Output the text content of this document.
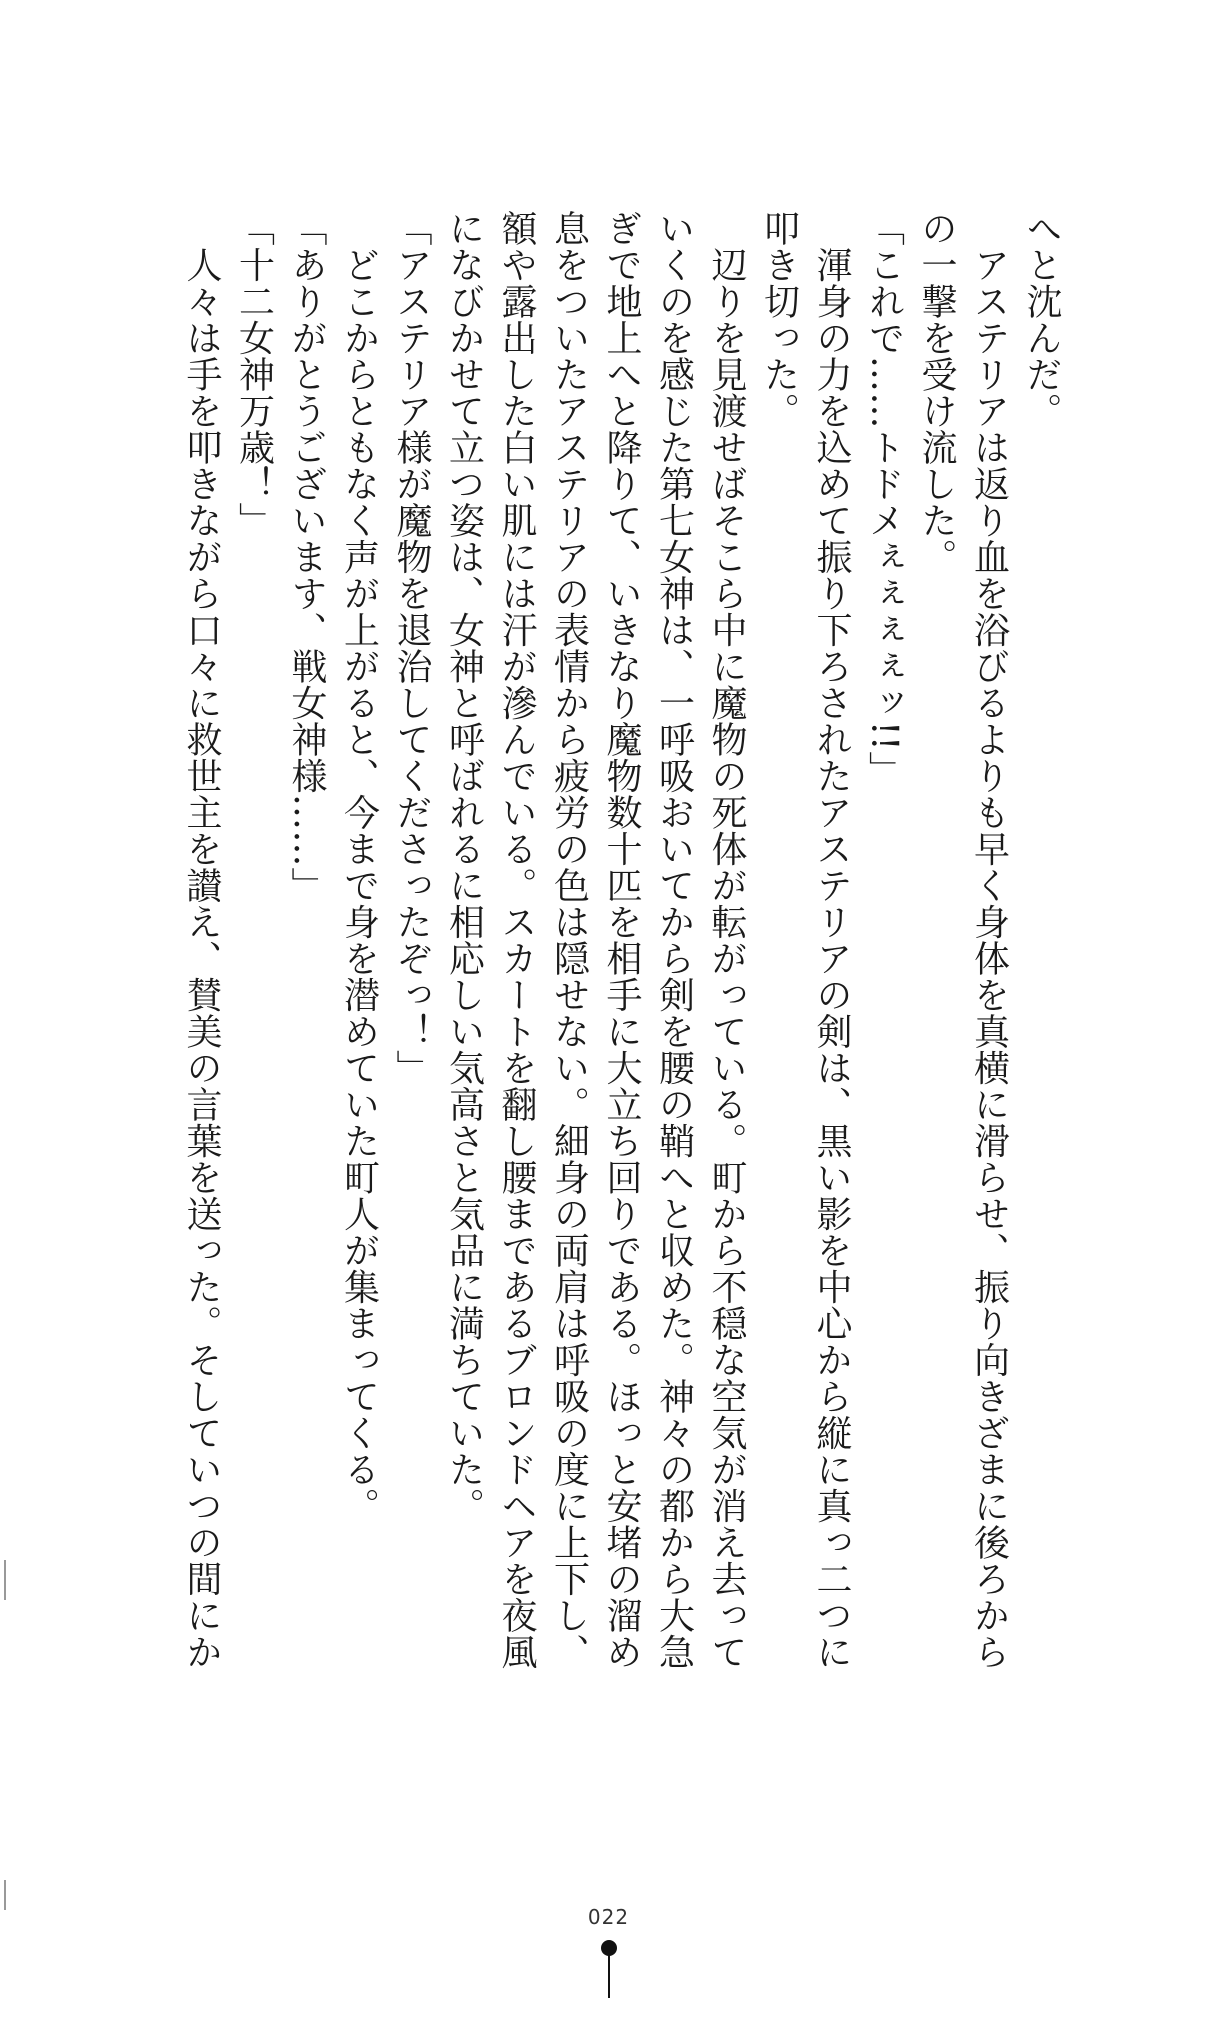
へと沈んだ。
　アステリアは返り血を浴びるよりも早く身体を真横に滑らせ、振り向きざまに後ろから
の一撃を受け流した。
「これで……トドメぇぇぇぇッ!!」
　渾身の力を込めて振り下ろされたアステリアの剣は、黒い影を中心から縦に真っ二つに
叩き切った。
　辺りを見渡せばそこら中に魔物の死体が転がっている。町から不穏な空気が消え去って
いくのを感じた第七女神は、一呼吸おいてから剣を腰の鞘へと収めた。神々の都から大急
ぎで地上へと降りて、いきなり魔物数十匹を相手に大立ち回りである。ほっと安堵の溜め
息をついたアステリアの表情から疲労の色は隠せない。細身の両肩は呼吸の度に上下し、
額や露出した白い肌には汗が滲んでいる。スカートを翻し腰まであるブロンドヘアを夜風
になびかせて立つ姿は、女神と呼ばれるに相応しい気高さと気品に満ちていた。
「アステリア様が魔物を退治してくださったぞっ！」
　どこからともなく声が上がると、今まで身を潜めていた町人が集まってくる。
「ありがとうございます、戦女神様……」
「十二女神万歳！」
　人々は手を叩きながら口々に救世主を讃え、賛美の言葉を送った。そしていつの間にか
022
